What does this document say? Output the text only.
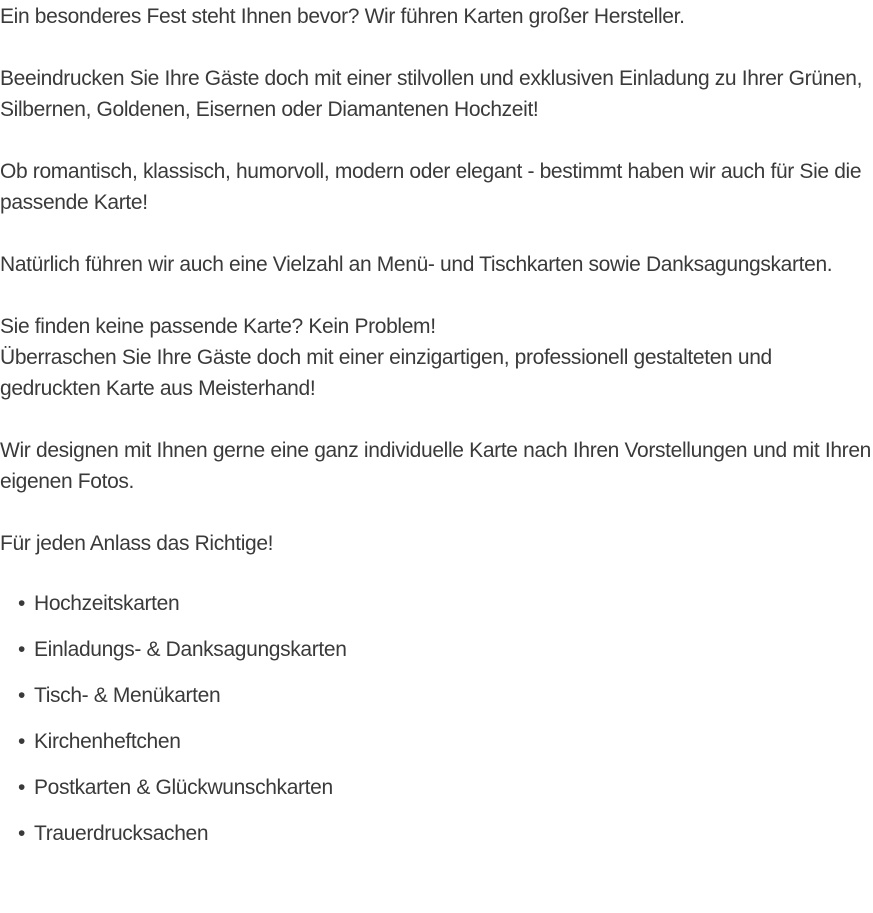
Ein besonderes Fest steht Ihnen bevor? Wir führen Karten großer Hersteller.

Beeindrucken Sie Ihre Gäste doch mit einer stilvollen und exklusiven Einladung zu Ihrer Grünen, Silbernen, Goldenen, Eisernen oder Diamantenen Hochzeit!

Ob romantisch, klassisch, humorvoll, modern oder elegant - bestimmt haben wir auch für Sie die passende Karte!

Natürlich führen wir auch eine Vielzahl an Menü- und Tischkarten sowie Danksagungskarten.

Sie finden keine passende Karte? Kein Problem!

Überraschen Sie Ihre Gäste doch mit einer einzigartigen, professionell gestalteten und gedruckten Karte aus Meisterhand!

Wir designen mit Ihnen gerne eine ganz individuelle Karte nach Ihren Vorstellungen und mit Ihren eigenen Fotos.

Für jeden Anlass das Richtige!

• Hochzeitskarten
• Einladungs- & Danksagungskarten
• Tisch- & Menükarten
• Kirchenheftchen
• Postkarten & Glückwunschkarten
• Trauerdrucksachen
